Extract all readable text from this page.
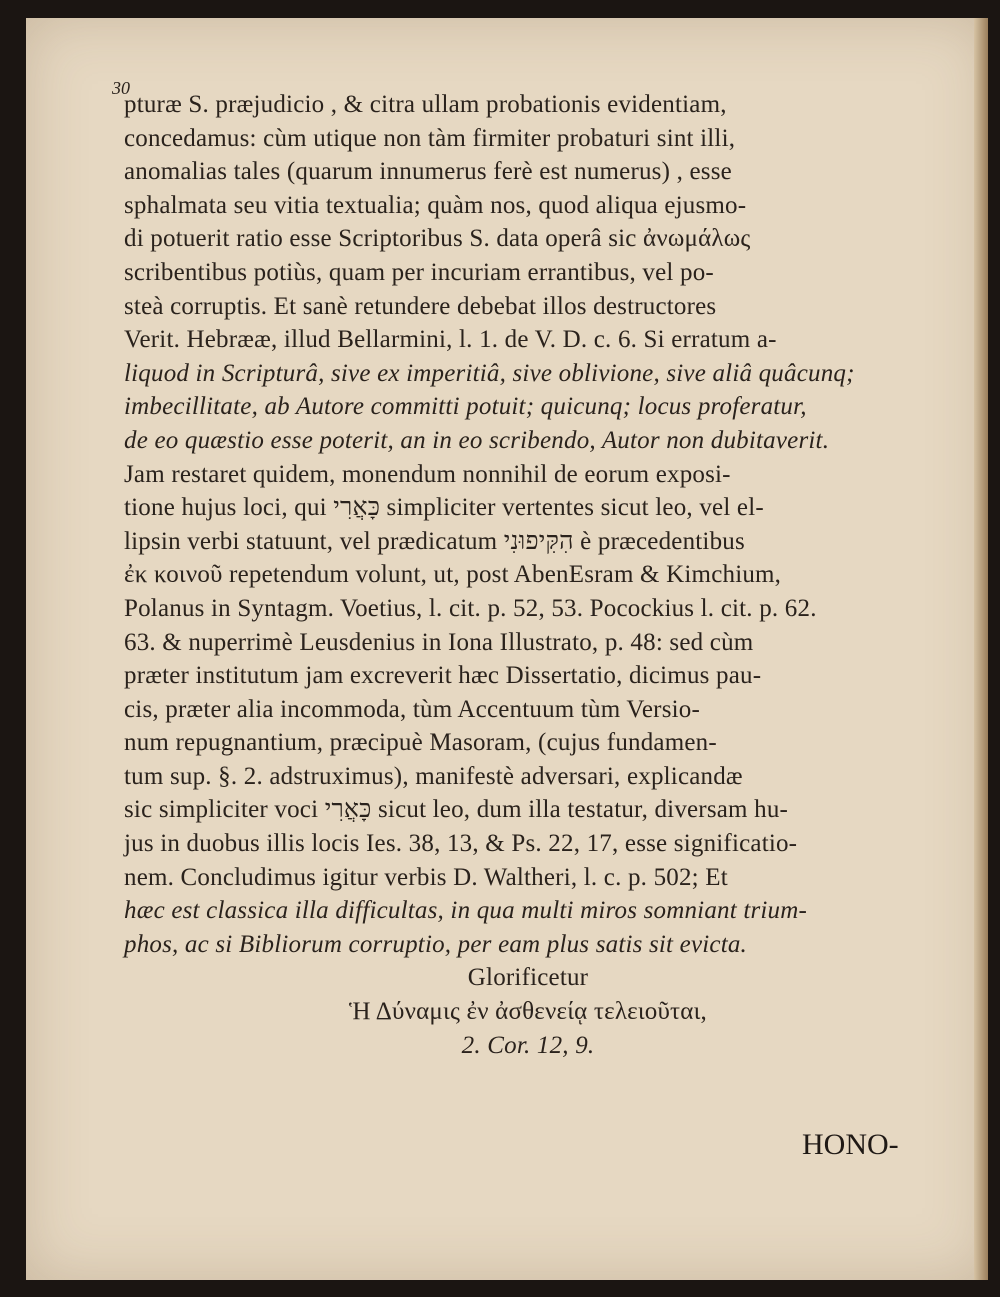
30
pturæ S. præjudicio , & citra ullam probationis evidentiam,
concedamus: cùm utique non tàm firmiter probaturi sint illi,
anomalias tales (quarum innumerus ferè est numerus) , esse
sphalmata seu vitia textualia; quàm nos, quod aliqua ejusmo-
di potuerit ratio esse Scriptoribus S. data operâ sic ἀνωμάλως
scribentibus potiùs, quam per incuriam errantibus, vel po-
steà corruptis. Et sanè retundere debebat illos destructores
Verit. Hebrææ, illud Bellarmini, l. 1. de V. D. c. 6. Si erratum a-
liquod in Scripturâ, sive ex imperitiâ, sive oblivione, sive aliâ quâcunq;
imbecillitate, ab Autore committi potuit; quicunq; locus proferatur,
de eo quæstio esse poterit, an in eo scribendo, Autor non dubitaverit.
Jam restaret quidem, monendum nonnihil de eorum exposi-
tione hujus loci, qui כָּאֲרִי simpliciter vertentes sicut leo, vel el-
lipsin verbi statuunt, vel prædicatum הִקִּיפוּנִי è præcedentibus
ἐκ κοινοῦ repetendum volunt, ut, post AbenEsram & Kimchium,
Polanus in Syntagm. Voetius, l. cit. p. 52, 53. Pocockius l. cit. p. 62.
63. & nuperrimè Leusdenius in Iona Illustrato, p. 48: sed cùm
præter institutum jam excreverit hæc Dissertatio, dicimus pau-
cis, præter alia incommoda, tùm Accentuum tùm Versio-
num repugnantium, præcipuè Masoram, (cujus fundamen-
tum sup. §. 2. adstruximus), manifestè adversari, explicandæ
sic simpliciter voci כָּאֲרִי sicut leo, dum illa testatur, diversam hu-
jus in duobus illis locis Ies. 38, 13, & Ps. 22, 17, esse significatio-
nem. Concludimus igitur verbis D. Waltheri, l. c. p. 502; Et
hæc est classica illa difficultas, in qua multi miros somniant trium-
phos, ac si Bibliorum corruptio, per eam plus satis sit evicta.
Glorificetur
Ἡ Δύναμις ἐν ἀσθενείᾳ τελειοῦται,
2. Cor. 12, 9.
HONO-
